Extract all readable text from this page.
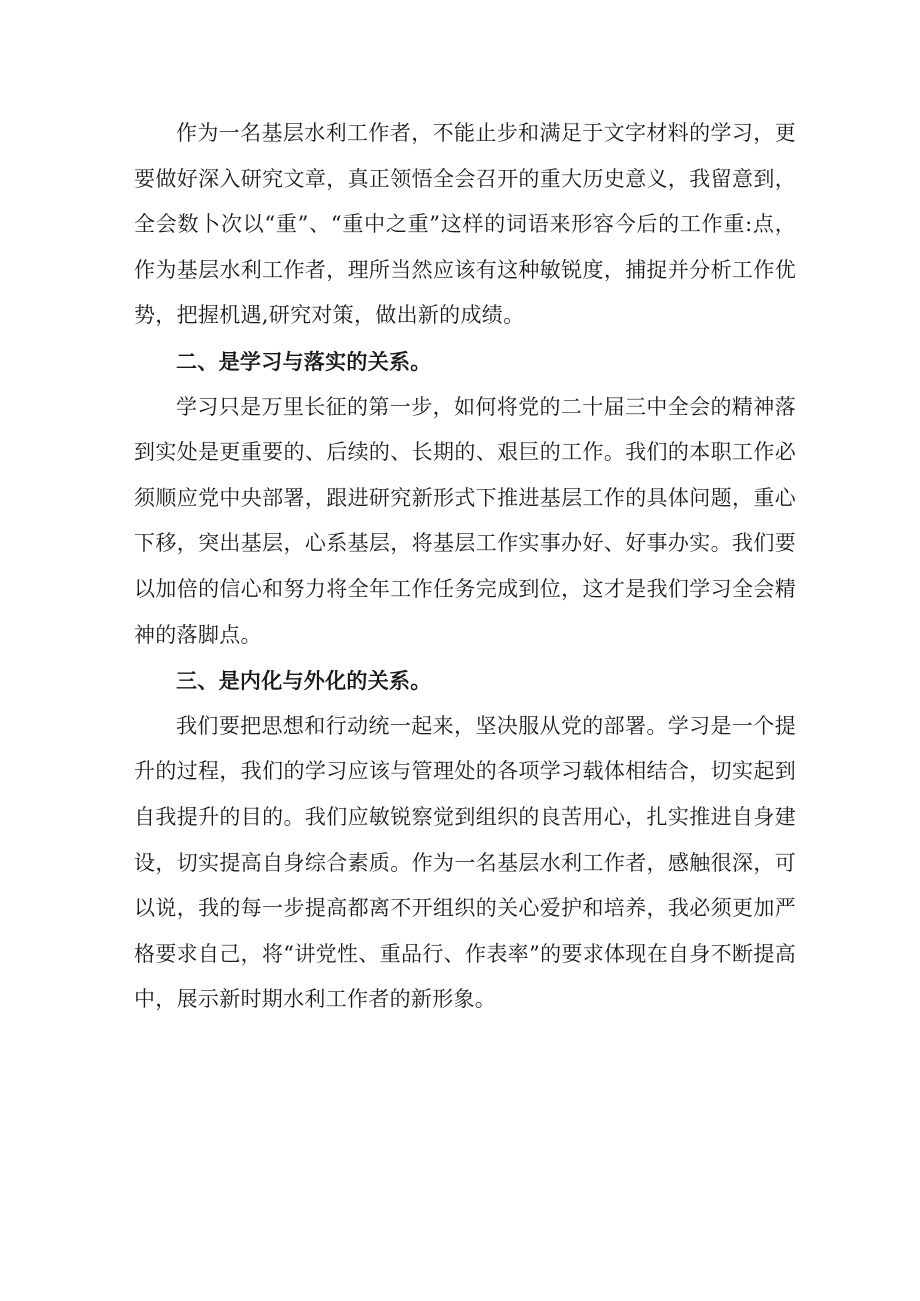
作为一名基层水利工作者，不能止步和满足于文字材料的学习，更要做好深入研究文章，真正领悟全会召开的重大历史意义，我留意到，全会数卜次以“重”、“重中之重”这样的词语来形容今后的工作重:点，作为基层水利工作者，理所当然应该有这种敏锐度，捕捉并分析工作优势，把握机遇,研究对策，做出新的成绩。

二、是学习与落实的关系。

学习只是万里长征的第一步，如何将党的二十届三中全会的精神落到实处是更重要的、后续的、长期的、艰巨的工作。我们的本职工作必须顺应党中央部署，跟进研究新形式下推进基层工作的具体问题，重心下移，突出基层，心系基层，将基层工作实事办好、好事办实。我们要以加倍的信心和努力将全年工作任务完成到位，这才是我们学习全会精神的落脚点。

三、是内化与外化的关系。

我们要把思想和行动统一起来，坚决服从党的部署。学习是一个提升的过程，我们的学习应该与管理处的各项学习载体相结合，切实起到自我提升的目的。我们应敏锐察觉到组织的良苦用心，扎实推进自身建设，切实提高自身综合素质。作为一名基层水利工作者，感触很深，可以说，我的每一步提高都离不开组织的关心爱护和培养，我必须更加严格要求自己，将“讲党性、重品行、作表率”的要求体现在自身不断提高中，展示新时期水利工作者的新形象。
